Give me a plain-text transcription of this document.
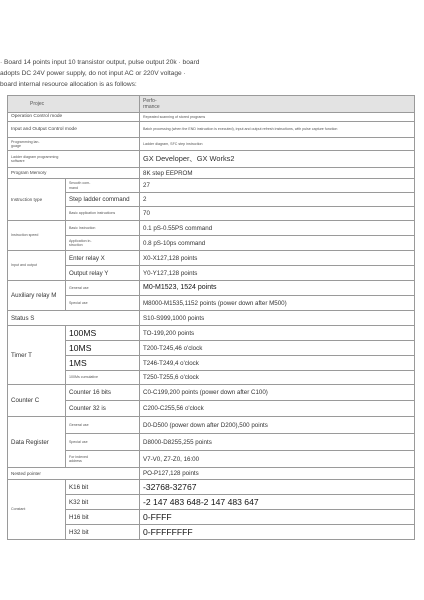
· Board 14 points input 10 transistor output, pulse output 20k · board
adopts DC 24V power supply, do not input AC or 220V voltage ·
board internal resource allocation is as follows:
Projec		Perfo-
rmance
Operation Control mode		Repeated scanning of stored programs
Input and Output Control mode		Batch processing (when the END instruction is executed), input and output refresh instructions, with pulse capture function
Programming lan-
guage		Ladder diagram, SFC step instruction
Ladder diagram programming
software		GX Developer、GX Works2
Program Memory		8K step EEPROM
Instruction type	Smooth com-
mand	27
	Step ladder command	2
	Basic application instructions	70
Instruction speed	Basic Instruction	0.1 pS-0.55PS command
	Application in-
struction	0.8 pS-10ps command
Input and output	Enter relay X	X0-X127,128 points
	Output relay Y	Y0-Y127,128 points
Auxiliary relay M	General use	M0-M1523, 1524 points
	Special use	M8000-M1535,1152 points (power down after M500)
Status S		S10-S999,1000 points
Timer T	100MS	TO-199,200 points
	10MS	T200-T245,46 o'clock
	1MS	T246-T249,4 o'clock
	100Ms cumulative	T250-T255,6 o'clock
Counter C	Counter 16 bits	C0-C199,200 points (power down after C100)
	Counter 32 is	C200-C255,56 o'clock
Data Register	General use	D0-D500 (power down after D200),500 points
	Special use	D8000-D8255,255 points
	For indexed
address	V7-V0, Z7-Z0, 16:00
Nested pointer		PO-P127,128 points
Constant	K16 bit	-32768-32767
	K32 bit	-2 147 483 648-2 147 483 647
	H16 bit	0-FFFF
	H32 bit	0-FFFFFFFF
